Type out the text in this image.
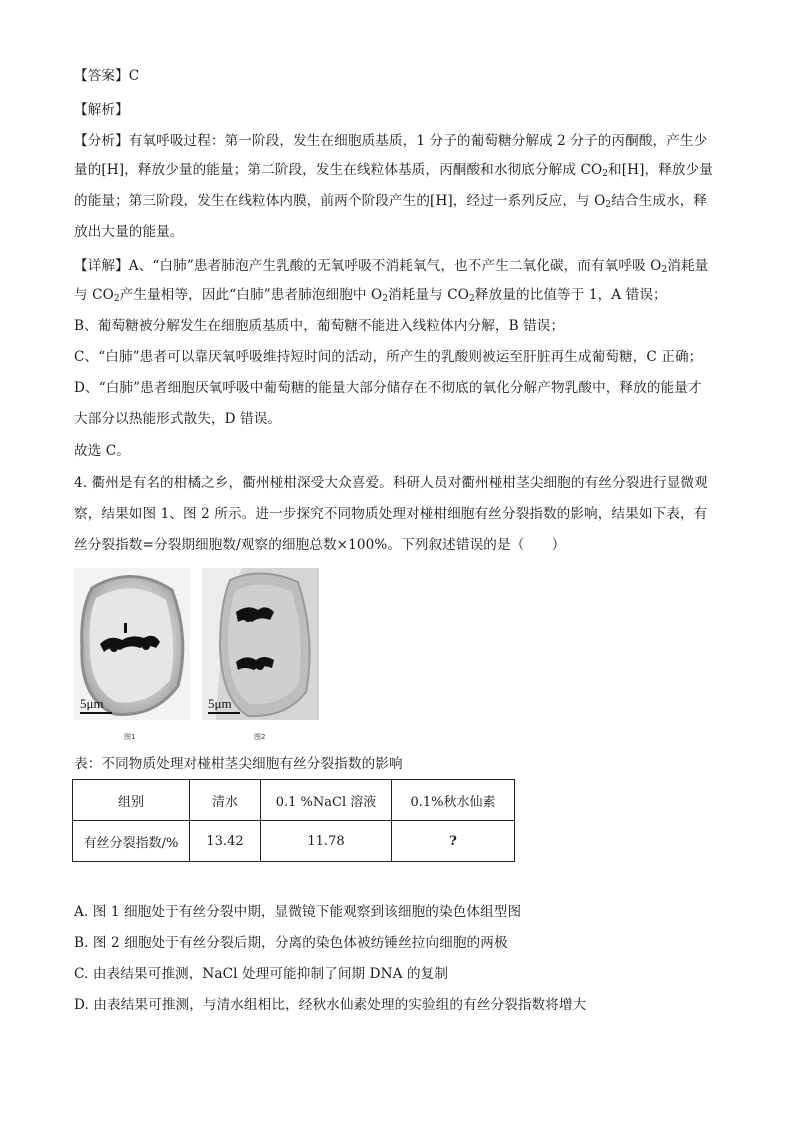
【答案】C
【解析】
【分析】有氧呼吸过程：第一阶段，发生在细胞质基质，1 分子的葡萄糖分解成 2 分子的丙酮酸，产生少
量的[H]，释放少量的能量；第二阶段，发生在线粒体基质，丙酮酸和水彻底分解成 $CO_2$和[H]，释放少量
的能量；第三阶段，发生在线粒体内膜，前两个阶段产生的[H]，经过一系列反应，与 $O_2$结合生成水，释
放出大量的能量。
【详解】A、“白肺”患者肺泡产生乳酸的无氧呼吸不消耗氧气，也不产生二氧化碳，而有氧呼吸 $O_2$消耗量
与 $CO_2$产生量相等，因此“白肺”患者肺泡细胞中 $O_2$消耗量与 $CO_2$释放量的比值等于 1，A 错误；
B、葡萄糖被分解发生在细胞质基质中，葡萄糖不能进入线粒体内分解，B 错误；
C、“白肺”患者可以靠厌氧呼吸维持短时间的活动，所产生的乳酸则被运至肝脏再生成葡萄糖，C 正确；
D、“白肺”患者细胞厌氧呼吸中葡萄糖的能量大部分储存在不彻底的氧化分解产物乳酸中，释放的能量才
大部分以热能形式散失，D 错误。
故选 C。
4. 衢州是有名的柑橘之乡，衢州椪柑深受大众喜爱。科研人员对衢州椪柑茎尖细胞的有丝分裂进行显微观
察，结果如图 1、图 2 所示。进一步探究不同物质处理对椪柑细胞有丝分裂指数的影响，结果如下表，有
丝分裂指数=分裂期细胞数/观察的细胞总数×100%。下列叙述错误的是（　　）
5μm
图1
5μm
图2
表：不同物质处理对椪柑茎尖细胞有丝分裂指数的影响
组别	清水	0.1 %NaCl 溶液	0.1%秋水仙素
有丝分裂指数/%	13.42	11.78	?
A. 图 1 细胞处于有丝分裂中期，显微镜下能观察到该细胞的染色体组型图
B. 图 2 细胞处于有丝分裂后期，分离的染色体被纺锤丝拉向细胞的两极
C. 由表结果可推测，NaCl 处理可能抑制了间期 DNA 的复制
D. 由表结果可推测，与清水组相比，经秋水仙素处理的实验组的有丝分裂指数将增大
